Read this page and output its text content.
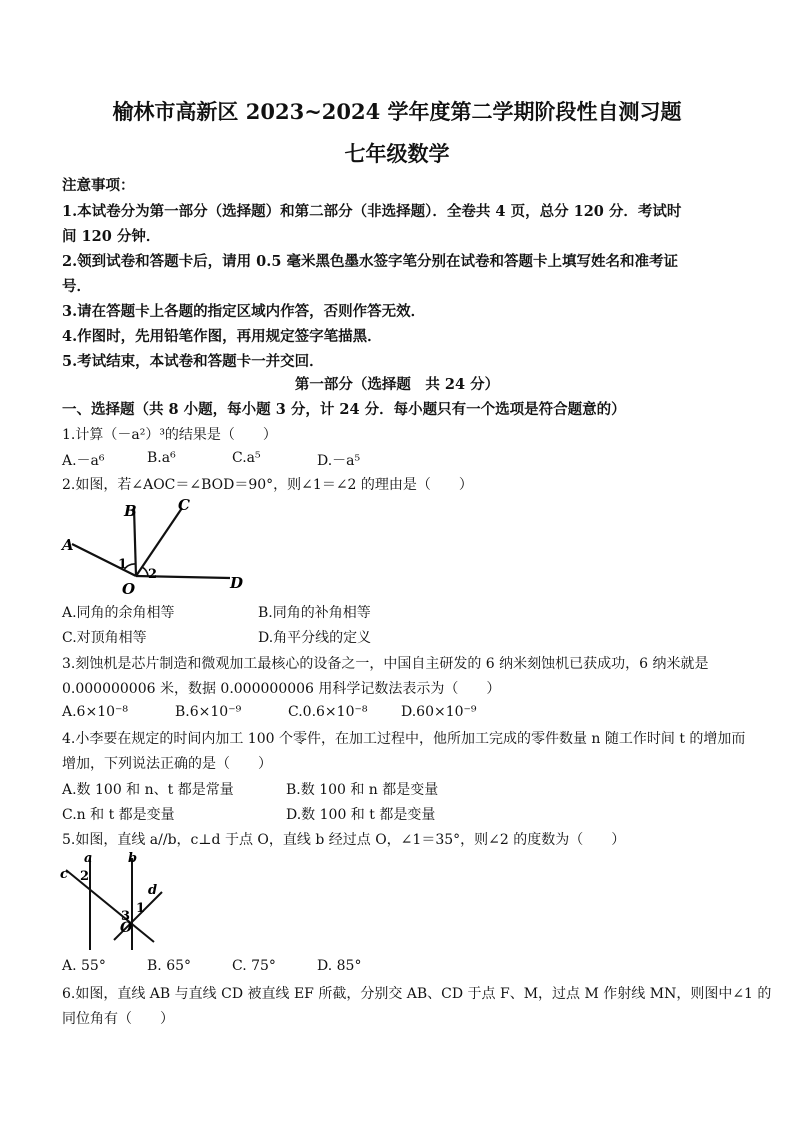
榆林市高新区 2023~2024 学年度第二学期阶段性自测习题
七年级数学
注意事项：
1.本试卷分为第一部分（选择题）和第二部分（非选择题）．全卷共 4 页，总分 120 分．考试时
间 120 分钟．
2.领到试卷和答题卡后，请用 0.5 毫米黑色墨水签字笔分别在试卷和答题卡上填写姓名和准考证
号．
3.请在答题卡上各题的指定区域内作答，否则作答无效．
4.作图时，先用铅笔作图，再用规定签字笔描黑．
5.考试结束，本试卷和答题卡一并交回．
第一部分（选择题　共 24 分）
一、选择题（共 8 小题，每小题 3 分，计 24 分．每小题只有一个选项是符合题意的）
1.计算（－a²）³的结果是（　　）
A.－a⁶	B.a⁶	C.a⁵	D.－a⁵
2.如图，若∠AOC＝∠BOD＝90°，则∠1＝∠2 的理由是（　　）
A
B	C
D
O
1
2
A.同角的余角相等	B.同角的补角相等
C.对顶角相等	D.角平分线的定义
3.刻蚀机是芯片制造和微观加工最核心的设备之一，中国自主研发的 6 纳米刻蚀机已获成功，6 纳米就是
0.000000006 米，数据 0.000000006 用科学记数法表示为（　　）
A.6×10⁻⁸	B.6×10⁻⁹	C.0.6×10⁻⁸ D.60×10⁻⁹
4.小李要在规定的时间内加工 100 个零件，在加工过程中，他所加工完成的零件数量 n 随工作时间 t 的增加而
增加，下列说法正确的是（　　）
A.数 100 和 n、t 都是常量	B.数 100 和 n 都是变量
C.n 和 t 都是变量	D.数 100 和 t 都是变量
5.如图，直线 a//b，c⊥d 于点 O，直线 b 经过点 O，∠1＝35°，则∠2 的度数为（　　）
a	b
c
d
O
1
2
3
A. 55°	B. 65°	C. 75°	D. 85°
6.如图，直线 AB 与直线 CD 被直线 EF 所截，分别交 AB、CD 于点 F、M，过点 M 作射线 MN，则图中∠1 的
同位角有（　　）
